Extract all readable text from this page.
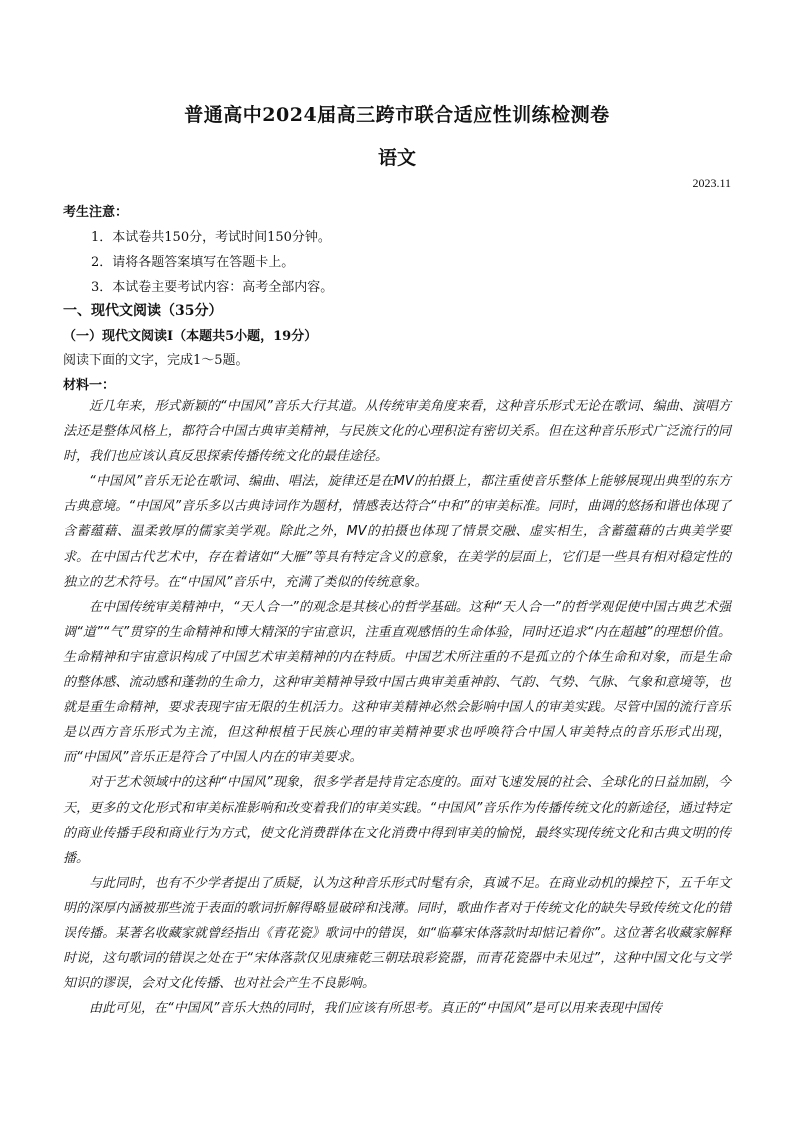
普通高中2024届高三跨市联合适应性训练检测卷
语文
2023.11
考生注意：
1．本试卷共150分，考试时间150分钟。
2．请将各题答案填写在答题卡上。
3．本试卷主要考试内容：高考全部内容。
一、现代文阅读（35分）
（一）现代文阅读Ⅰ（本题共5小题，19分）
阅读下面的文字，完成1～5题。
材料一：

近几年来，形式新颖的“中国风”音乐大行其道。从传统审美角度来看，这种音乐形式无论在歌词、编曲、演唱方法还是整体风格上，都符合中国古典审美精神，与民族文化的心理积淀有密切关系。但在这种音乐形式广泛流行的同时，我们也应该认真反思探索传播传统文化的最佳途径。

“中国风”音乐无论在歌词、编曲、唱法，旋律还是在MV的拍摄上，都注重使音乐整体上能够展现出典型的东方古典意境。“中国风”音乐多以古典诗词作为题材，情感表达符合“中和”的审美标准。同时，曲调的悠扬和谐也体现了含蓄蕴藉、温柔敦厚的儒家美学观。除此之外，MV的拍摄也体现了情景交融、虚实相生，含蓄蕴藉的古典美学要求。在中国古代艺术中，存在着诸如“大雁”等具有特定含义的意象，在美学的层面上，它们是一些具有相对稳定性的独立的艺术符号。在“中国风”音乐中，充满了类似的传统意象。

在中国传统审美精神中，“天人合一”的观念是其核心的哲学基础。这种“天人合一”的哲学观促使中国古典艺术强调“道”“气”贯穿的生命精神和博大精深的宇宙意识，注重直观感悟的生命体验，同时还追求“内在超越”的理想价值。生命精神和宇宙意识构成了中国艺术审美精神的内在特质。中国艺术所注重的不是孤立的个体生命和对象，而是生命的整体感、流动感和蓬勃的生命力，这种审美精神导致中国古典审美重神韵、气韵、气势、气脉、气象和意境等，也就是重生命精神，要求表现宇宙无限的生机活力。这种审美精神必然会影响中国人的审美实践。尽管中国的流行音乐是以西方音乐形式为主流，但这种根植于民族心理的审美精神要求也呼唤符合中国人审美特点的音乐形式出现，而“中国风”音乐正是符合了中国人内在的审美要求。

对于艺术领域中的这种“中国风”现象，很多学者是持肯定态度的。面对飞速发展的社会、全球化的日益加剧，今天，更多的文化形式和审美标准影响和改变着我们的审美实践。“中国风”音乐作为传播传统文化的新途径，通过特定的商业传播手段和商业行为方式，使文化消费群体在文化消费中得到审美的愉悦，最终实现传统文化和古典文明的传播。

与此同时，也有不少学者提出了质疑，认为这种音乐形式时髦有余，真诚不足。在商业动机的操控下，五千年文明的深厚内涵被那些流于表面的歌词折解得略显破碎和浅薄。同时，歌曲作者对于传统文化的缺失导致传统文化的错误传播。某著名收藏家就曾经指出《青花瓷》歌词中的错误，如“临摹宋体落款时却惦记着你”。这位著名收藏家解释时说，这句歌词的错误之处在于“宋体落款仅见康雍乾三朝珐琅彩瓷器，而青花瓷器中未见过”，这种中国文化与文学知识的谬误，会对文化传播、也对社会产生不良影响。

由此可见，在“中国风”音乐大热的同时，我们应该有所思考。真正的“中国风”是可以用来表现中国传
